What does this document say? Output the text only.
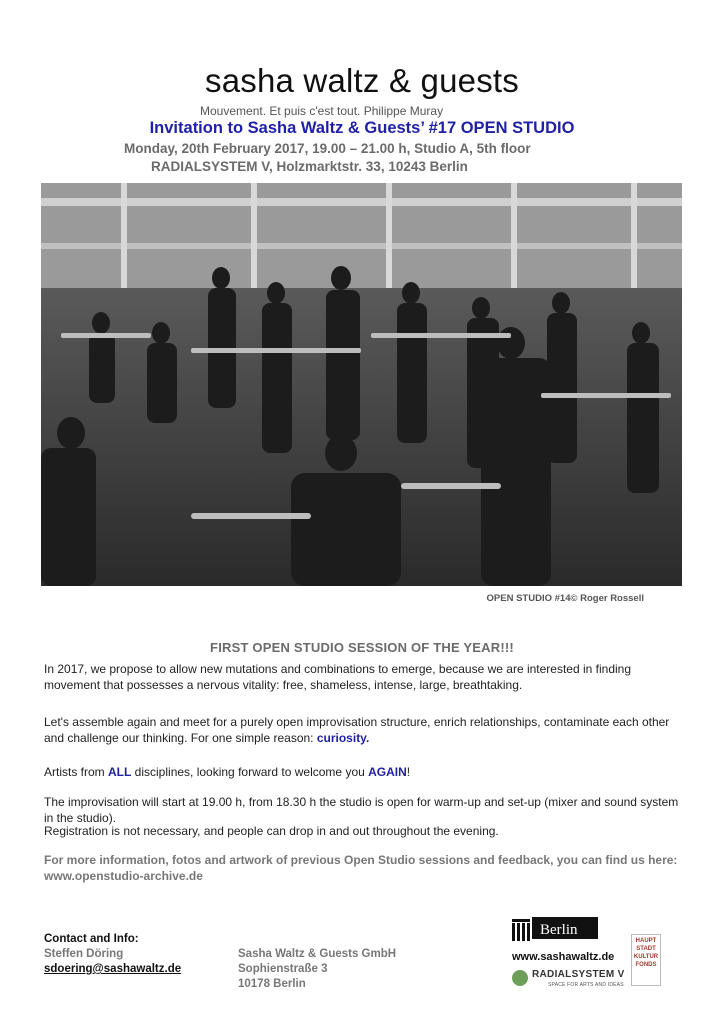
sasha waltz & guests
Mouvement. Et puis c'est tout. Philippe Muray
Invitation to Sasha Waltz & Guests’ #17 OPEN STUDIO
Monday, 20th February 2017, 19.00 – 21.00 h, Studio A, 5th floor
RADIALSYSTEM V, Holzmarktstr. 33, 10243 Berlin
OPEN STUDIO #14© Roger Rossell
FIRST OPEN STUDIO SESSION OF THE YEAR!!!
In 2017, we propose to allow new mutations and combinations to emerge, because we are interested in finding movement that possesses a nervous vitality: free, shameless, intense, large, breathtaking.
Let's assemble again and meet for a purely open improvisation structure, enrich relationships, contaminate each other and challenge our thinking. For one simple reason: curiosity.
Artists from ALL disciplines, looking forward to welcome you AGAIN!
The improvisation will start at 19.00 h, from 18.30 h the studio is open for warm-up and set-up (mixer and sound system in the studio).
Registration is not necessary, and people can drop in and out throughout the evening.
For more information, fotos and artwork of previous Open Studio sessions and feedback, you can find us here: www.openstudio-archive.de
Contact and Info:
Steffen Döring
sdoering@sashawaltz.de
Sasha Waltz & Guests GmbH
Sophienstraße 3
10178 Berlin
Berlin
www.sashawaltz.de
RADIALSYSTEM V
SPACE FOR ARTS AND IDEAS
HAUPT STADT KULTUR FONDS
